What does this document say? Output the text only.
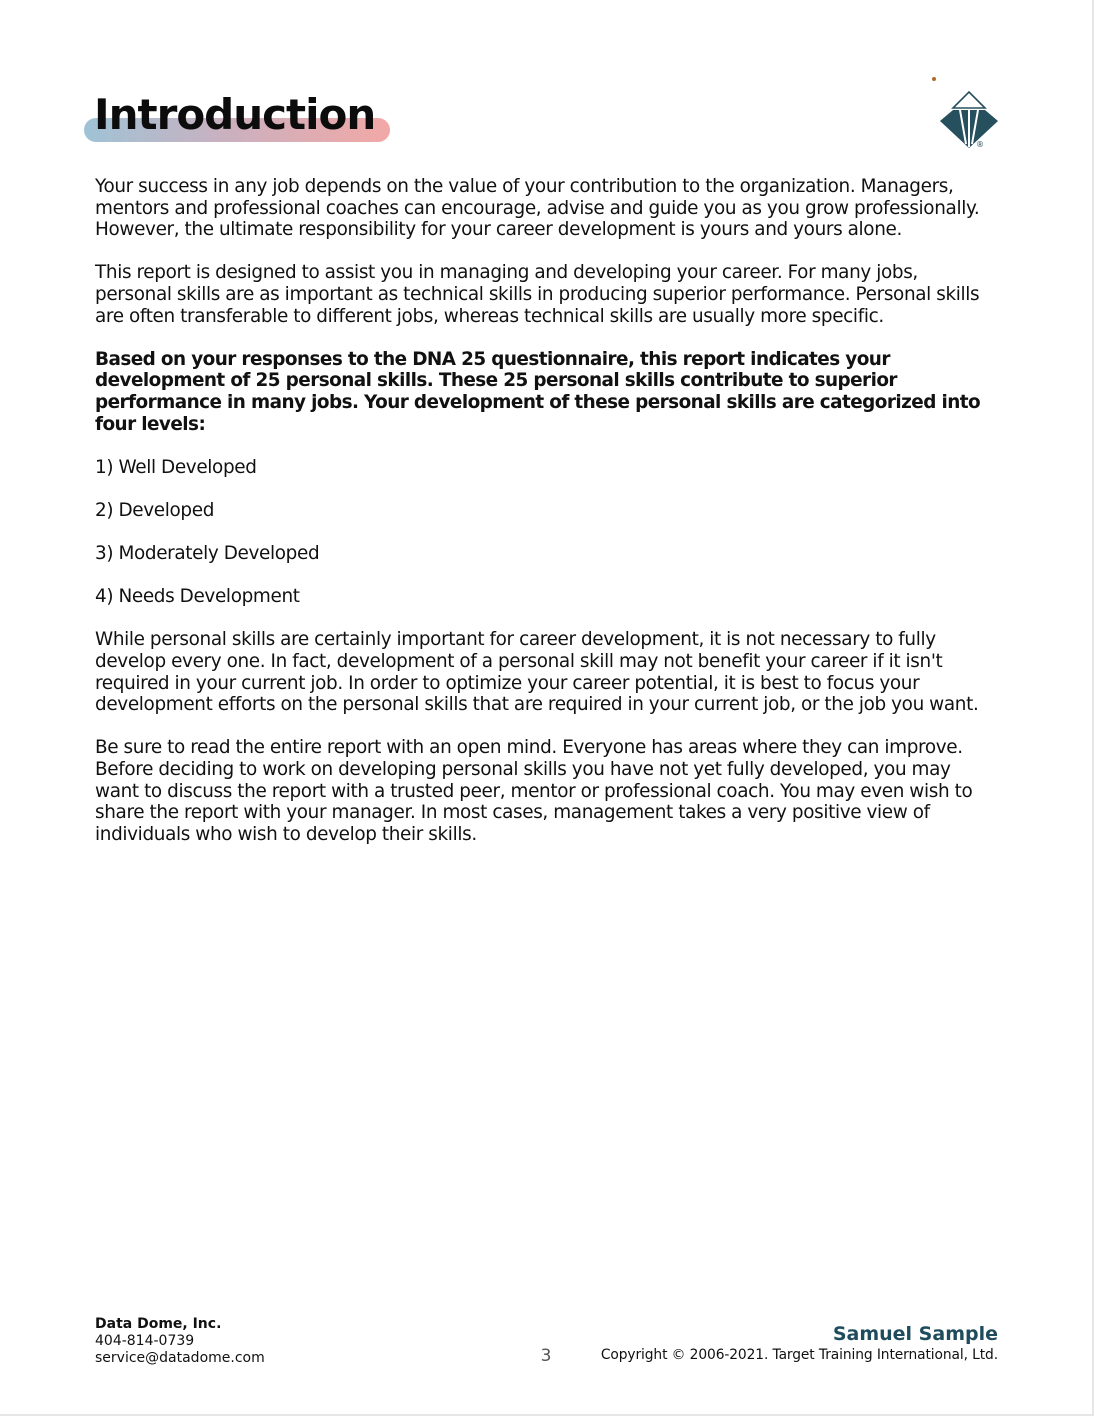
Introduction
®

Your success in any job depends on the value of your contribution to the organization. Managers, mentors and professional coaches can encourage, advise and guide you as you grow professionally. However, the ultimate responsibility for your career development is yours and yours alone.

This report is designed to assist you in managing and developing your career. For many jobs, personal skills are as important as technical skills in producing superior performance. Personal skills are often transferable to different jobs, whereas technical skills are usually more specific.

Based on your responses to the DNA 25 questionnaire, this report indicates your development of 25 personal skills. These 25 personal skills contribute to superior performance in many jobs. Your development of these personal skills are categorized into four levels:

1) Well Developed

2) Developed

3) Moderately Developed

4) Needs Development

While personal skills are certainly important for career development, it is not necessary to fully develop every one. In fact, development of a personal skill may not benefit your career if it isn't required in your current job. In order to optimize your career potential, it is best to focus your development efforts on the personal skills that are required in your current job, or the job you want.

Be sure to read the entire report with an open mind. Everyone has areas where they can improve. Before deciding to work on developing personal skills you have not yet fully developed, you may want to discuss the report with a trusted peer, mentor or professional coach. You may even wish to share the report with your manager. In most cases, management takes a very positive view of individuals who wish to develop their skills.

Data Dome, Inc.
404-814-0739
service@datadome.com	3
Samuel Sample
Copyright © 2006-2021. Target Training International, Ltd.
